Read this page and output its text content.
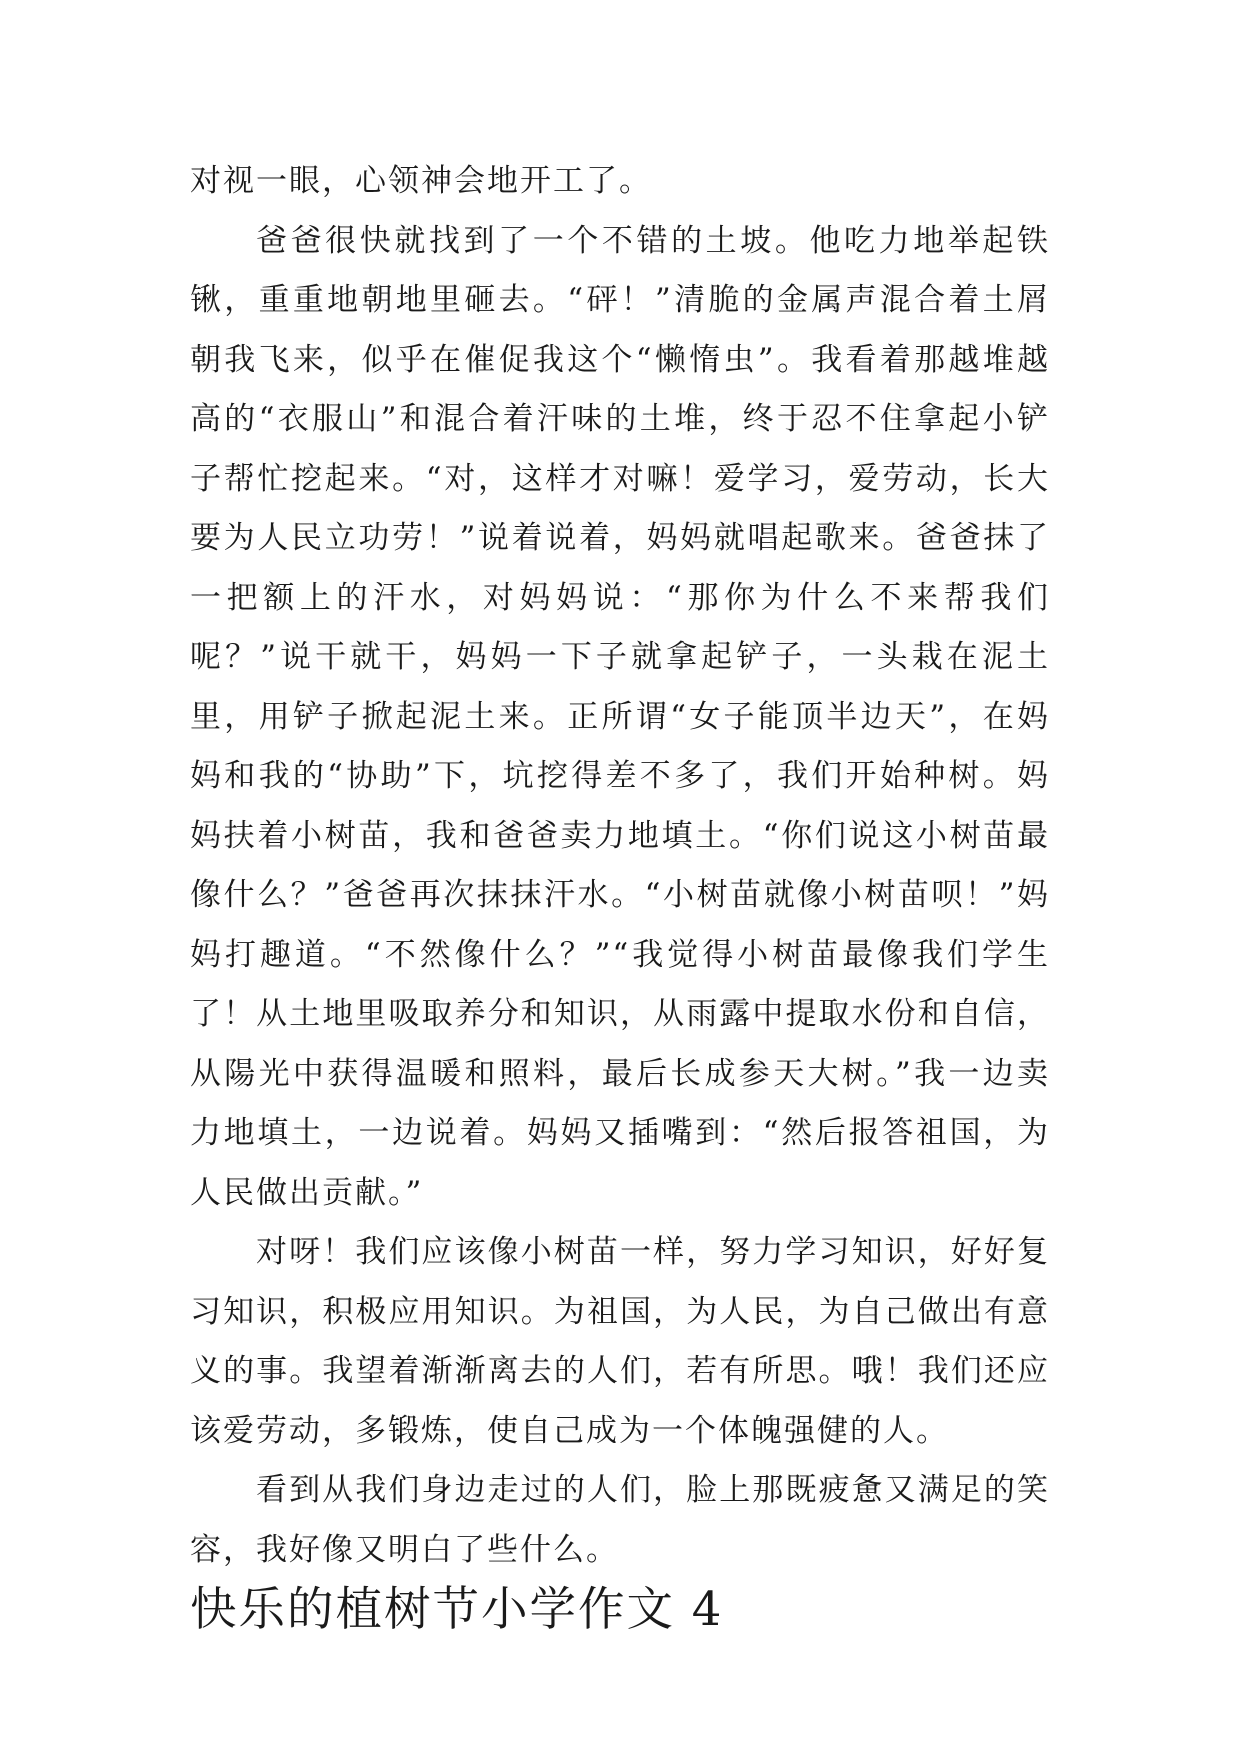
对视一眼，心领神会地开工了。

爸爸很快就找到了一个不错的土坡。他吃力地举起铁锹，重重地朝地里砸去。“砰！”清脆的金属声混合着土屑朝我飞来，似乎在催促我这个“懒惰虫”。我看着那越堆越高的“衣服山”和混合着汗味的土堆，终于忍不住拿起小铲子帮忙挖起来。“对，这样才对嘛！爱学习，爱劳动，长大要为人民立功劳！”说着说着，妈妈就唱起歌来。爸爸抹了一把额上的汗水，对妈妈说：“那你为什么不来帮我们呢？”说干就干，妈妈一下子就拿起铲子，一头栽在泥土里，用铲子掀起泥土来。正所谓“女子能顶半边天”，在妈妈和我的“协助”下，坑挖得差不多了，我们开始种树。妈妈扶着小树苗，我和爸爸卖力地填土。“你们说这小树苗最像什么？”爸爸再次抹抹汗水。“小树苗就像小树苗呗！”妈妈打趣道。“不然像什么？”“我觉得小树苗最像我们学生了！从土地里吸取养分和知识，从雨露中提取水份和自信，从陽光中获得温暖和照料，最后长成参天大树。”我一边卖力地填土，一边说着。妈妈又插嘴到：“然后报答祖国，为人民做出贡献。”

对呀！我们应该像小树苗一样，努力学习知识，好好复习知识，积极应用知识。为祖国，为人民，为自己做出有意义的事。我望着渐渐离去的人们，若有所思。哦！我们还应该爱劳动，多锻炼，使自己成为一个体魄强健的人。

看到从我们身边走过的人们，脸上那既疲惫又满足的笑容，我好像又明白了些什么。

快乐的植树节小学作文 4
